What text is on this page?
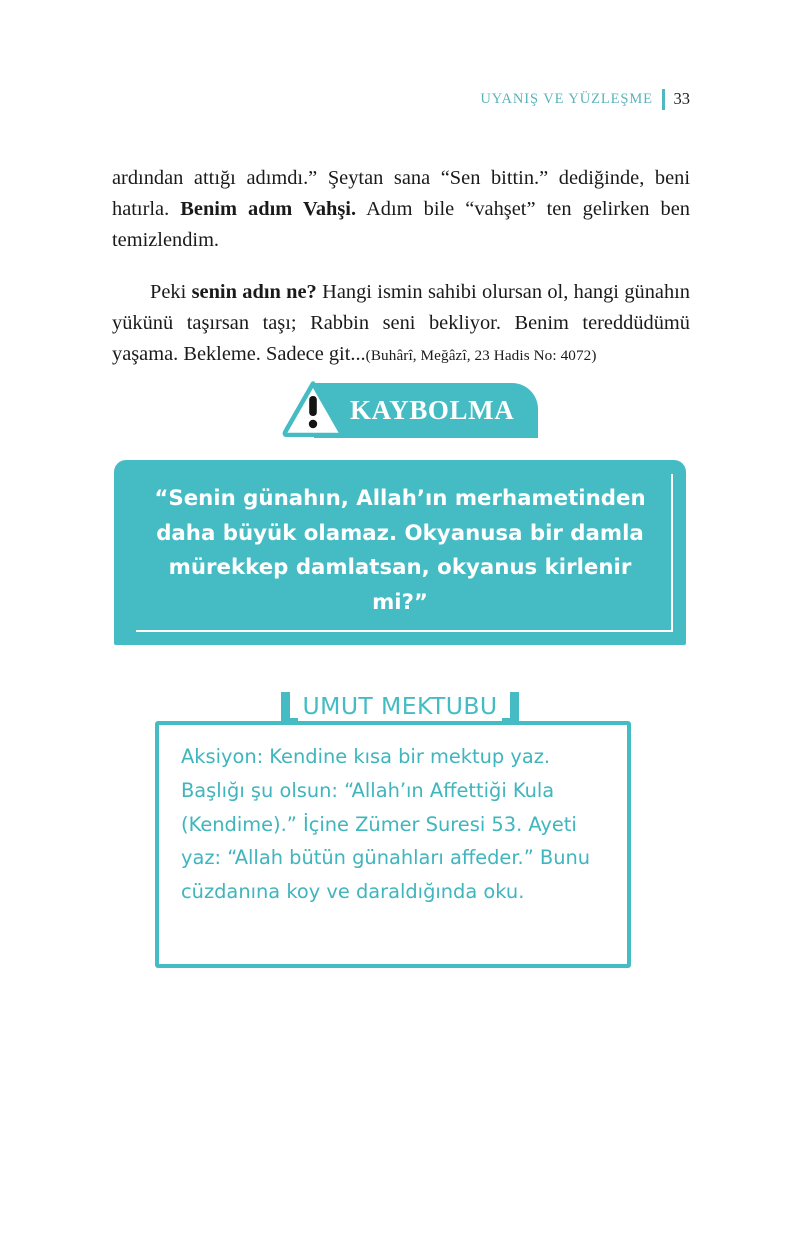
UYANIŞ VE YÜZLEŞME 33

ardından attığı adımdı.” Şeytan sana “Sen bittin.” dediğinde, beni hatırla. Benim adım Vahşi. Adım bile “vahşet” ten gelirken ben temizlendim.

Peki senin adın ne? Hangi ismin sahibi olursan ol, hangi günahın yükünü taşırsan taşı; Rabbin seni bekliyor. Benim tereddüdümü yaşama. Bekleme. Sadece git...(Buhârî, Meğâzî, 23 Hadis No: 4072)

KAYBOLMA
“Senin günahın, Allah’ın merhametinden daha büyük olamaz. Okyanusa bir damla mürekkep damlatsan, okyanus kirlenir mi?”
UMUT MEKTUBU
Aksiyon: Kendine kısa bir mektup yaz. Başlığı şu olsun: “Allah’ın Affettiği Kula (Kendime).” İçine Zümer Suresi 53. Ayeti yaz: “Allah bütün günahları affeder.” Bunu cüzdanına koy ve daraldığında oku.
